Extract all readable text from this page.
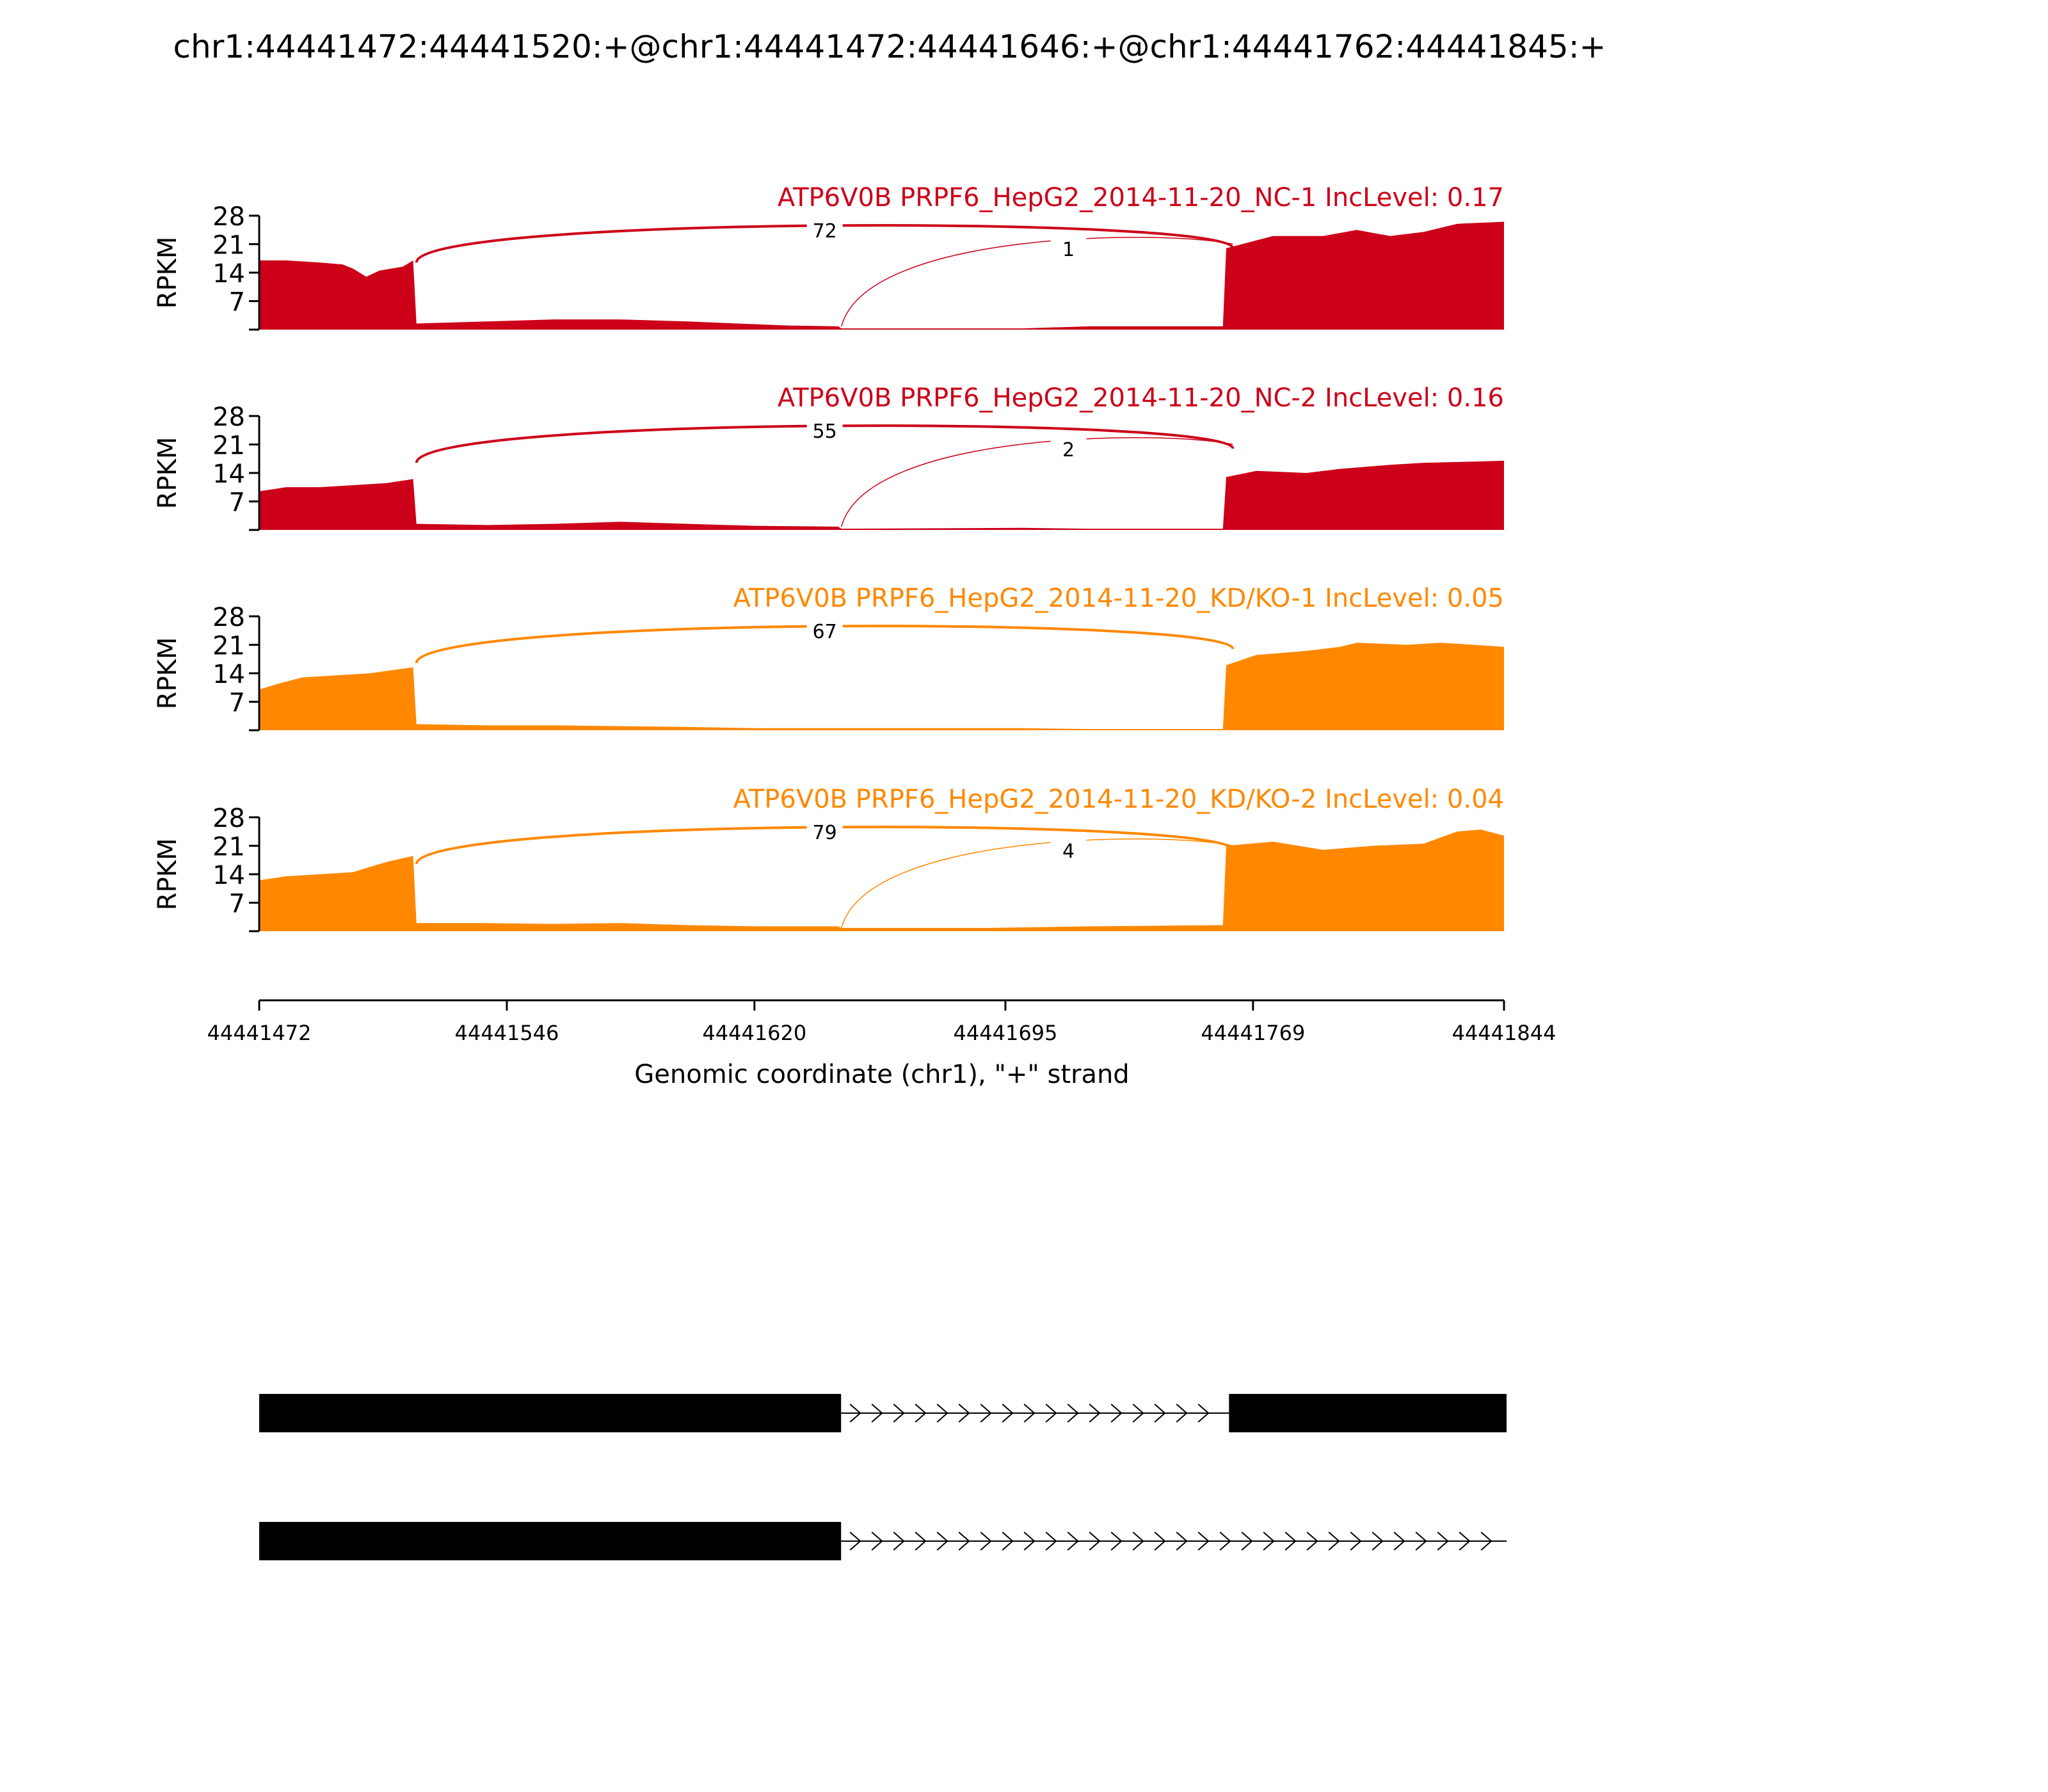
chr1:44441472:44441520:+@chr1:44441472:44441646:+@chr1:44441762:44441845:+
7
14
21
28
RPKM
72
1
ATP6V0B PRPF6_HepG2_2014-11-20_NC-1 IncLevel: 0.17
7
14
21
28
RPKM
55
2
ATP6V0B PRPF6_HepG2_2014-11-20_NC-2 IncLevel: 0.16
7
14
21
28
RPKM
67
ATP6V0B PRPF6_HepG2_2014-11-20_KD/KO-1 IncLevel: 0.05
7
14
21
28
RPKM
79
4
ATP6V0B PRPF6_HepG2_2014-11-20_KD/KO-2 IncLevel: 0.04
44441472	44441546	44441620	44441695	44441769	44441844
Genomic coordinate (chr1), "+" strand
